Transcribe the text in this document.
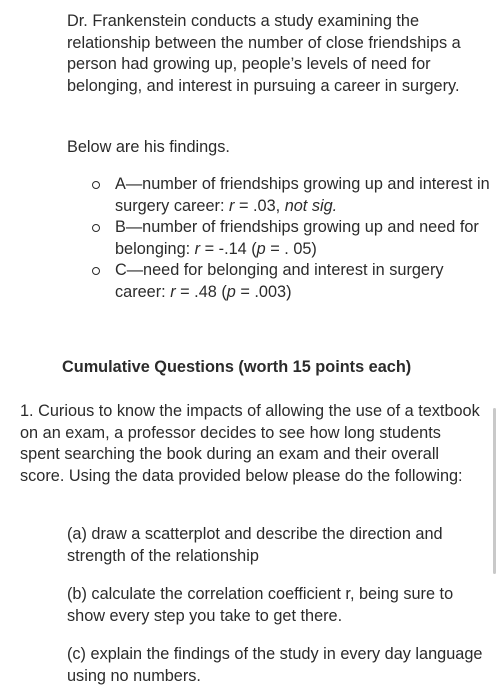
Dr. Frankenstein conducts a study examining the relationship between the number of close friendships a person had growing up, people’s levels of need for belonging, and interest in pursuing a career in surgery.
Below are his findings.
A—number of friendships growing up and interest in surgery career: r = .03, not sig.
B—number of friendships growing up and need for belonging: r = -.14 (p = . 05)
C—need for belonging and interest in surgery career: r = .48 (p = .003)
Cumulative Questions (worth 15 points each)
1. Curious to know the impacts of allowing the use of a textbook on an exam, a professor decides to see how long students spent searching the book during an exam and their overall score. Using the data provided below please do the following:
(a) draw a scatterplot and describe the direction and strength of the relationship
(b) calculate the correlation coefficient r, being sure to show every step you take to get there.
(c) explain the findings of the study in every day language using no numbers.
